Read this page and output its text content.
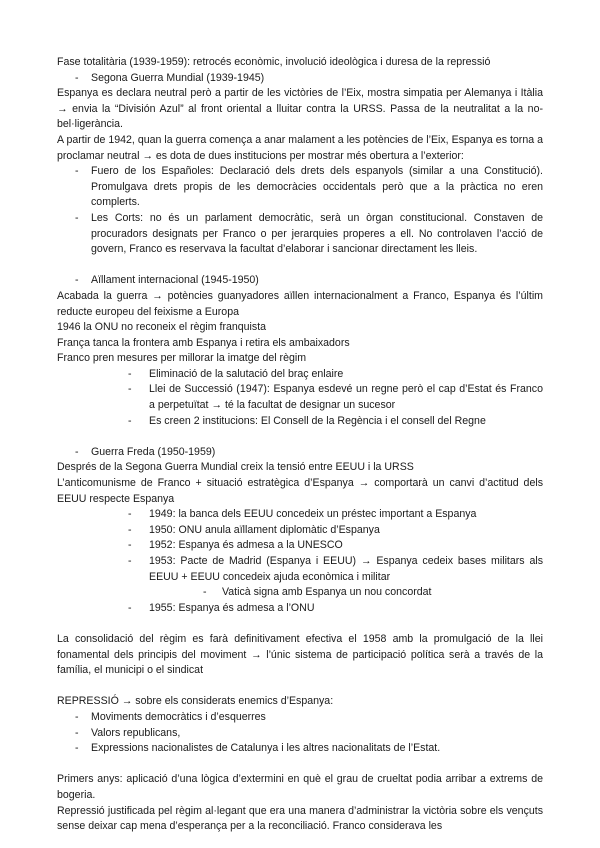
Fase totalitària (1939-1959): retrocés econòmic, involució ideològica i duresa de la repressió

- Segona Guerra Mundial (1939-1945)

Espanya es declara neutral però a partir de les victòries de l’Eix, mostra simpatia per Alemanya i Itàlia → envia la “División Azul” al front oriental a lluitar contra la URSS. Passa de la neutralitat a la no-bel·ligerància.

A partir de 1942, quan la guerra comença a anar malament a les potències de l’Eix, Espanya es torna a proclamar neutral → es dota de dues institucions per mostrar més obertura a l’exterior:

- Fuero de los Españoles: Declaració dels drets dels espanyols (similar a una Constitució). Promulgava drets propis de les democràcies occidentals però que a la pràctica no eren complerts.
- Les Corts: no és un parlament democràtic, serà un òrgan constitucional. Constaven de procuradors designats per Franco o per jerarquies properes a ell. No controlaven l’acció de govern, Franco es reservava la facultat d’elaborar i sancionar directament les lleis.
- Aïllament internacional (1945-1950)

Acabada la guerra → potències guanyadores aïllen internacionalment a Franco, Espanya és l’últim reducte europeu del feixisme a Europa

1946 la ONU no reconeix el règim franquista

França tanca la frontera amb Espanya i retira els ambaixadors

Franco pren mesures per millorar la imatge del règim

- Eliminació de la salutació del braç enlaire
- Llei de Successió (1947): Espanya esdevé un regne però el cap d’Estat és Franco a perpetuïtat → té la facultat de designar un sucesor
- Es creen 2 institucions: El Consell de la Regència i el consell del Regne
- Guerra Freda (1950-1959)

Després de la Segona Guerra Mundial creix la tensió entre EEUU i la URSS

L’anticomunisme de Franco + situació estratègica d’Espanya → comportarà un canvi d’actitud dels EEUU respecte Espanya

- 1949: la banca dels EEUU concedeix un préstec important a Espanya
- 1950: ONU anula aïllament diplomàtic d’Espanya
- 1952: Espanya és admesa a la UNESCO
- 1953: Pacte de Madrid (Espanya i EEUU) → Espanya cedeix bases militars als EEUU + EEUU concedeix ajuda econòmica i militar
- Vaticà signa amb Espanya un nou concordat
- 1955: Espanya és admesa a l’ONU

La consolidació del règim es farà definitivament efectiva el 1958 amb la promulgació de la llei fonamental dels principis del moviment → l’únic sistema de participació política serà a través de la família, el municipi o el sindicat

REPRESSIÓ → sobre els considerats enemics d’Espanya:

- Moviments democràtics i d’esquerres
- Valors republicans,
- Expressions nacionalistes de Catalunya i les altres nacionalitats de l’Estat.

Primers anys: aplicació d’una lògica d’extermini en què el grau de crueltat podia arribar a extrems de bogeria.

Repressió justificada pel règim al·legant que era una manera d’administrar la victòria sobre els vençuts sense deixar cap mena d’esperança per a la reconciliació. Franco considerava les
